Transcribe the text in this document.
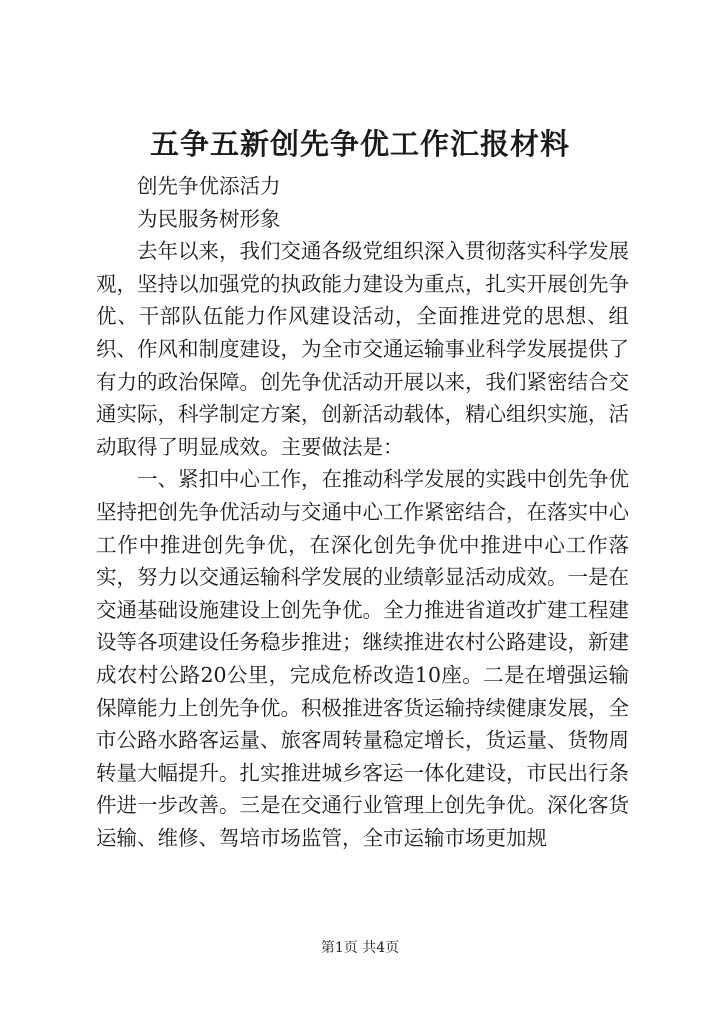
五争五新创先争优工作汇报材料

创先争优添活力

为民服务树形象

去年以来，我们交通各级党组织深入贯彻落实科学发展观，坚持以加强党的执政能力建设为重点，扎实开展创先争优、干部队伍能力作风建设活动，全面推进党的思想、组织、作风和制度建设，为全市交通运输事业科学发展提供了有力的政治保障。创先争优活动开展以来，我们紧密结合交通实际，科学制定方案，创新活动载体，精心组织实施，活动取得了明显成效。主要做法是：

一、紧扣中心工作，在推动科学发展的实践中创先争优坚持把创先争优活动与交通中心工作紧密结合，在落实中心工作中推进创先争优，在深化创先争优中推进中心工作落实，努力以交通运输科学发展的业绩彰显活动成效。一是在交通基础设施建设上创先争优。全力推进省道改扩建工程建设等各项建设任务稳步推进；继续推进农村公路建设，新建成农村公路20公里，完成危桥改造10座。二是在增强运输保障能力上创先争优。积极推进客货运输持续健康发展，全市公路水路客运量、旅客周转量稳定增长，货运量、货物周转量大幅提升。扎实推进城乡客运一体化建设，市民出行条件进一步改善。三是在交通行业管理上创先争优。深化客货运输、维修、驾培市场监管，全市运输市场更加规

第1页 共4页
